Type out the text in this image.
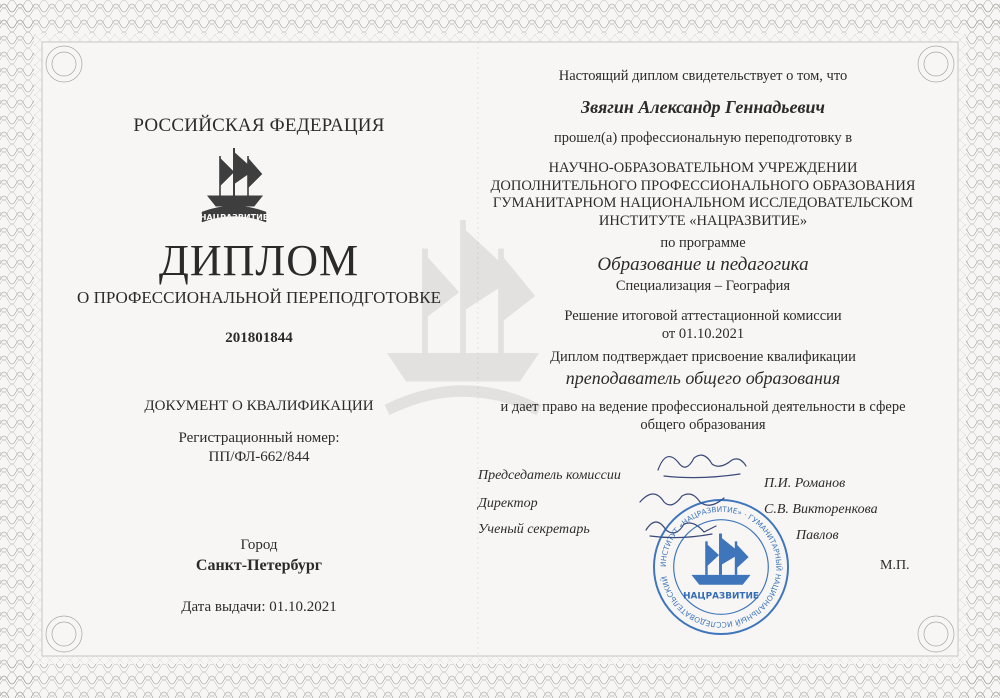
РОССИЙСКАЯ ФЕДЕРАЦИЯ
НАЦРАЗВИТИЕ
ДИПЛОМ
О ПРОФЕССИОНАЛЬНОЙ ПЕРЕПОДГОТОВКЕ
201801844
ДОКУМЕНТ О КВАЛИФИКАЦИИ
Регистрационный номер:
ПП/ФЛ-662/844
Город
Санкт-Петербург
Дата выдачи: 01.10.2021
Настоящий диплом свидетельствует о том, что
Звягин Александр Геннадьевич
прошел(а) профессиональную переподготовку в
НАУЧНО-ОБРАЗОВАТЕЛЬНОМ УЧРЕЖДЕНИИ
ДОПОЛНИТЕЛЬНОГО ПРОФЕССИОНАЛЬНОГО ОБРАЗОВАНИЯ
ГУМАНИТАРНОМ НАЦИОНАЛЬНОМ ИССЛЕДОВАТЕЛЬСКОМ
ИНСТИТУТЕ «НАЦРАЗВИТИЕ»
по программе
Образование и педагогика
Специализация – География
Решение итоговой аттестационной комиссии
от 01.10.2021
Диплом подтверждает присвоение квалификации
преподаватель общего образования
и дает право на ведение профессиональной деятельности в сфере
общего образования
Председатель комиссии
П.И. Романов
Директор	С.В. Викторенкова
Ученый секретарь	Павлов
М.П.
ИНСТИТУТ «НАЦРАЗВИТИЕ» · ГУМАНИТАРНЫЙ НАЦИОНАЛЬНЫЙ ИССЛЕДОВАТЕЛЬСКИЙ
НАЦРАЗВИТИЕ
